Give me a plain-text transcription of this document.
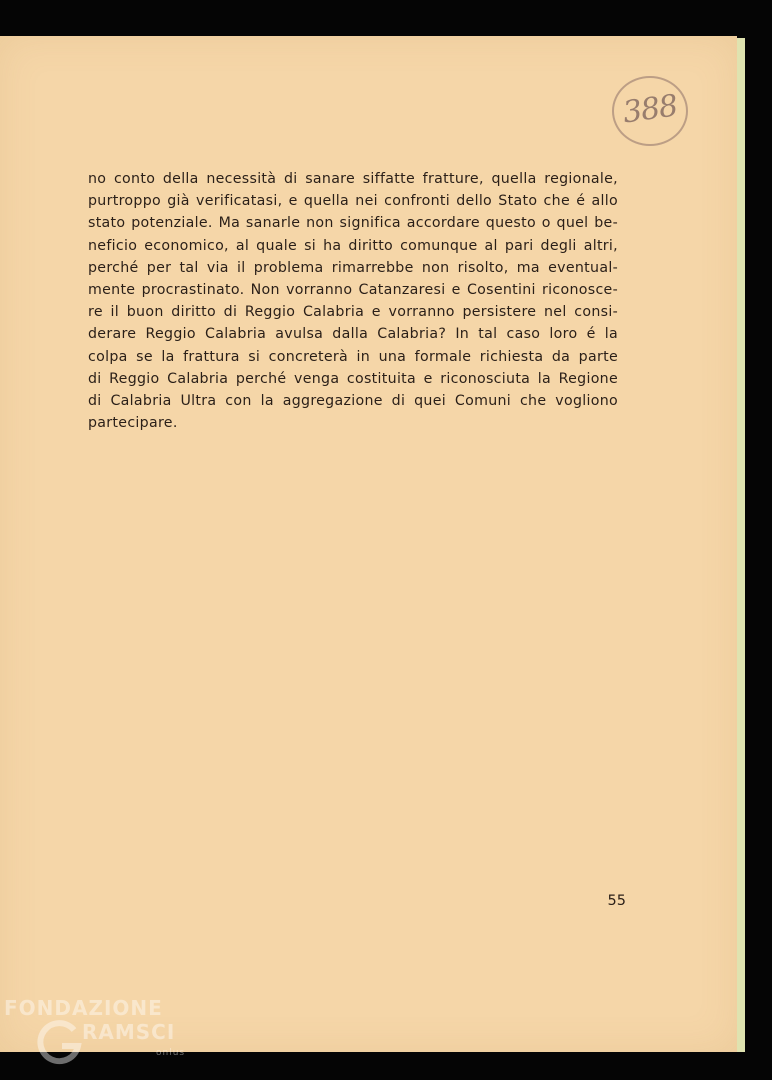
388
no conto della necessità di sanare siffatte fratture, quella regionale,
purtroppo già verificatasi, e quella nei confronti dello Stato che é allo
stato potenziale. Ma sanarle non significa accordare questo o quel be-
neficio economico, al quale si ha diritto comunque al pari degli altri,
perché per tal via il problema rimarrebbe non risolto, ma eventual-
mente procrastinato. Non vorranno Catanzaresi e Cosentini riconosce-
re il buon diritto di Reggio Calabria e vorranno persistere nel consi-
derare Reggio Calabria avulsa dalla Calabria? In tal caso loro é la
colpa se la frattura si concreterà in una formale richiesta da parte
di Reggio Calabria perché venga costituita e riconosciuta la Regione
di Calabria Ultra con la aggregazione di quei Comuni che vogliono
partecipare.
55
FONDAZIONE
RAMSCI
onlus
